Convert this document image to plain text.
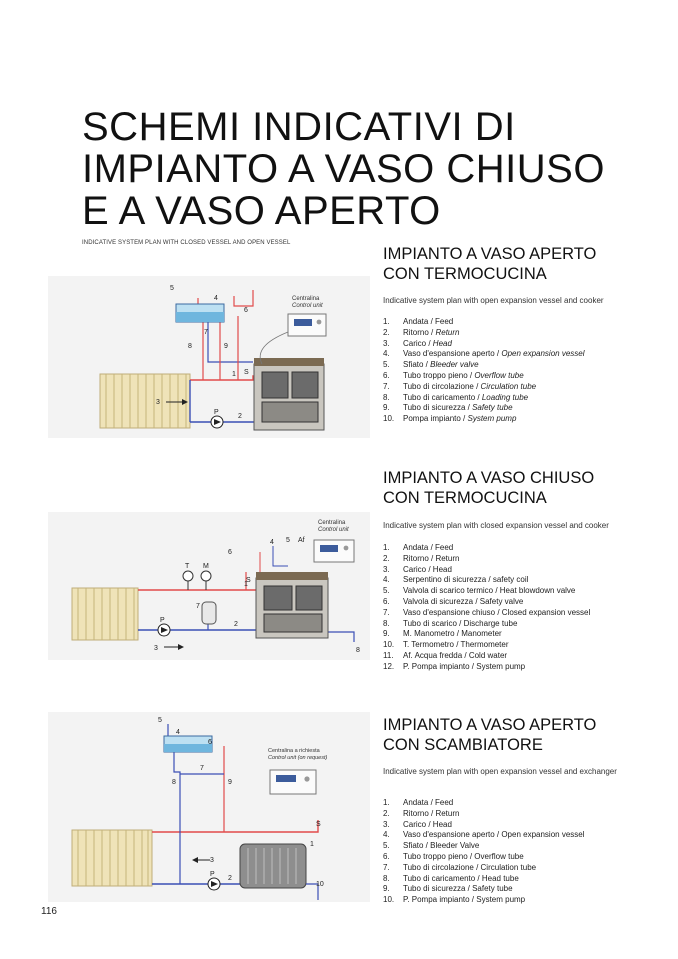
SCHEMI INDICATIVI DI
IMPIANTO A VASO CHIUSO
E A VASO APERTO
INDICATIVE SYSTEM PLAN WITH CLOSED VESSEL AND OPEN VESSEL
Centralina
Control unit
1
2
3
4
5
6
7
8	9
P
S
IMPIANTO A VASO APERTO
CON TERMOCUCINA
Indicative system plan with open expansion vessel and cooker
1. Andata / Feed
2. Ritorno / Return
3. Carico / Head
4. Vaso d'espansione aperto / Open expansion vessel
5. Sfiato / Bleeder valve
6. Tubo troppo pieno / Overflow tube
7. Tubo di circolazione / Circulation tube
8. Tubo di caricamento / Loading tube
9. Tubo di sicurezza / Safety tube
10. Pompa impianto / System pump
Centralina
Control unit
1
2
3
4 5
6
7
8
T M
P
S
Af
IMPIANTO A VASO CHIUSO
CON TERMOCUCINA
Indicative system plan with closed expansion vessel and cooker
1. Andata / Feed
2. Ritorno / Return
3. Carico / Head
4. Serpentino di sicurezza / safety coil
5. Valvola di scarico termico / Heat blowdown valve
6. Valvola di sicurezza / Safety valve
7. Vaso d'espansione chiuso / Closed expansion vessel
8. Tubo di scarico / Discharge tube
9. M. Manometro / Manometer
10. T. Termometro / Thermometer
11. Af. Acqua fredda / Cold water
12. P. Pompa impianto / System pump
Centralina a richiesta
Control unit (on request)
1
2
3
4
5
6
7
8	9
10
P
S
IMPIANTO A VASO APERTO
CON SCAMBIATORE
Indicative system plan with open expansion vessel and exchanger
1. Andata / Feed
2. Ritorno / Return
3. Carico / Head
4. Vaso d'espansione aperto / Open expansion vessel
5. Sfiato / Bleeder Valve
6. Tubo troppo pieno / Overflow tube
7. Tubo di circolazione / Circulation tube
8. Tubo di caricamento / Head tube
9. Tubo di sicurezza / Safety tube
10. P. Pompa impianto / System pump
116
